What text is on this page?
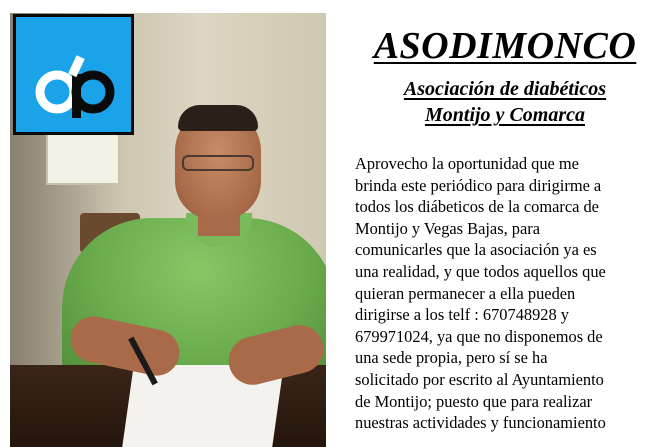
ASODIMONCO
Asociación de diabéticos
Montijo y Comarca
Aprovecho la oportunidad que me
brinda este periódico para dirigirme a
todos los diábeticos de la comarca de
Montijo y Vegas Bajas, para
comunicarles que la asociación ya es
una realidad, y que todos aquellos que
quieran permanecer a ella pueden
dirigirse a los telf : 670748928 y
679971024, ya que no disponemos de
una sede propia, pero sí se ha
solicitado por escrito al Ayuntamiento
de Montijo; puesto que para realizar
nuestras actividades y funcionamiento
